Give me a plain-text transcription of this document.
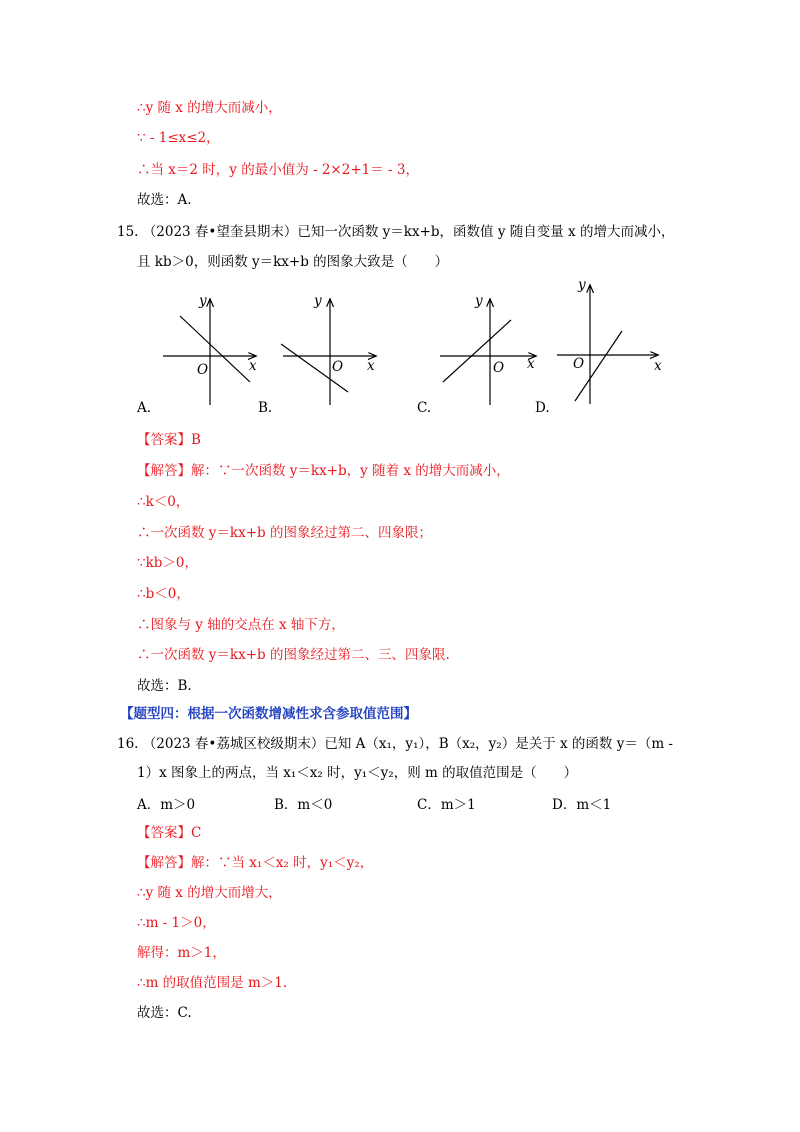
∴y 随 x 的增大而减小，
∵ - 1≤x≤2，
∴当 x＝2 时，y 的最小值为 - 2×2+1＝ - 3，
故选：A.
15. （2023 春•望奎县期末）已知一次函数 y＝kx+b，函数值 y 随自变量 x 的增大而减小，
且 kb＞0，则函数 y＝kx+b 的图象大致是（　　）
y
x
O
y
x
O
y
x
O
y
x
O
A.	B.	C.	D.
【答案】B
【解答】解：∵一次函数 y＝kx+b，y 随着 x 的增大而减小，
∴k＜0，
∴一次函数 y＝kx+b 的图象经过第二、四象限；
∵kb＞0，
∴b＜0，
∴图象与 y 轴的交点在 x 轴下方，
∴一次函数 y＝kx+b 的图象经过第二、三、四象限.
故选：B.
【题型四：根据一次函数增减性求含参取值范围】
16. （2023 春•荔城区校级期末）已知 A（x₁，y₁），B（x₂，y₂）是关于 x 的函数 y＝（m -
1）x 图象上的两点，当 x₁＜x₂ 时，y₁＜y₂，则 m 的取值范围是（　　）
A．m＞0	B．m＜0	C．m＞1	D．m＜1
【答案】C
【解答】解：∵当 x₁＜x₂ 时，y₁＜y₂，
∴y 随 x 的增大而增大，
∴m - 1＞0，
解得：m＞1，
∴m 的取值范围是 m＞1.
故选：C.
